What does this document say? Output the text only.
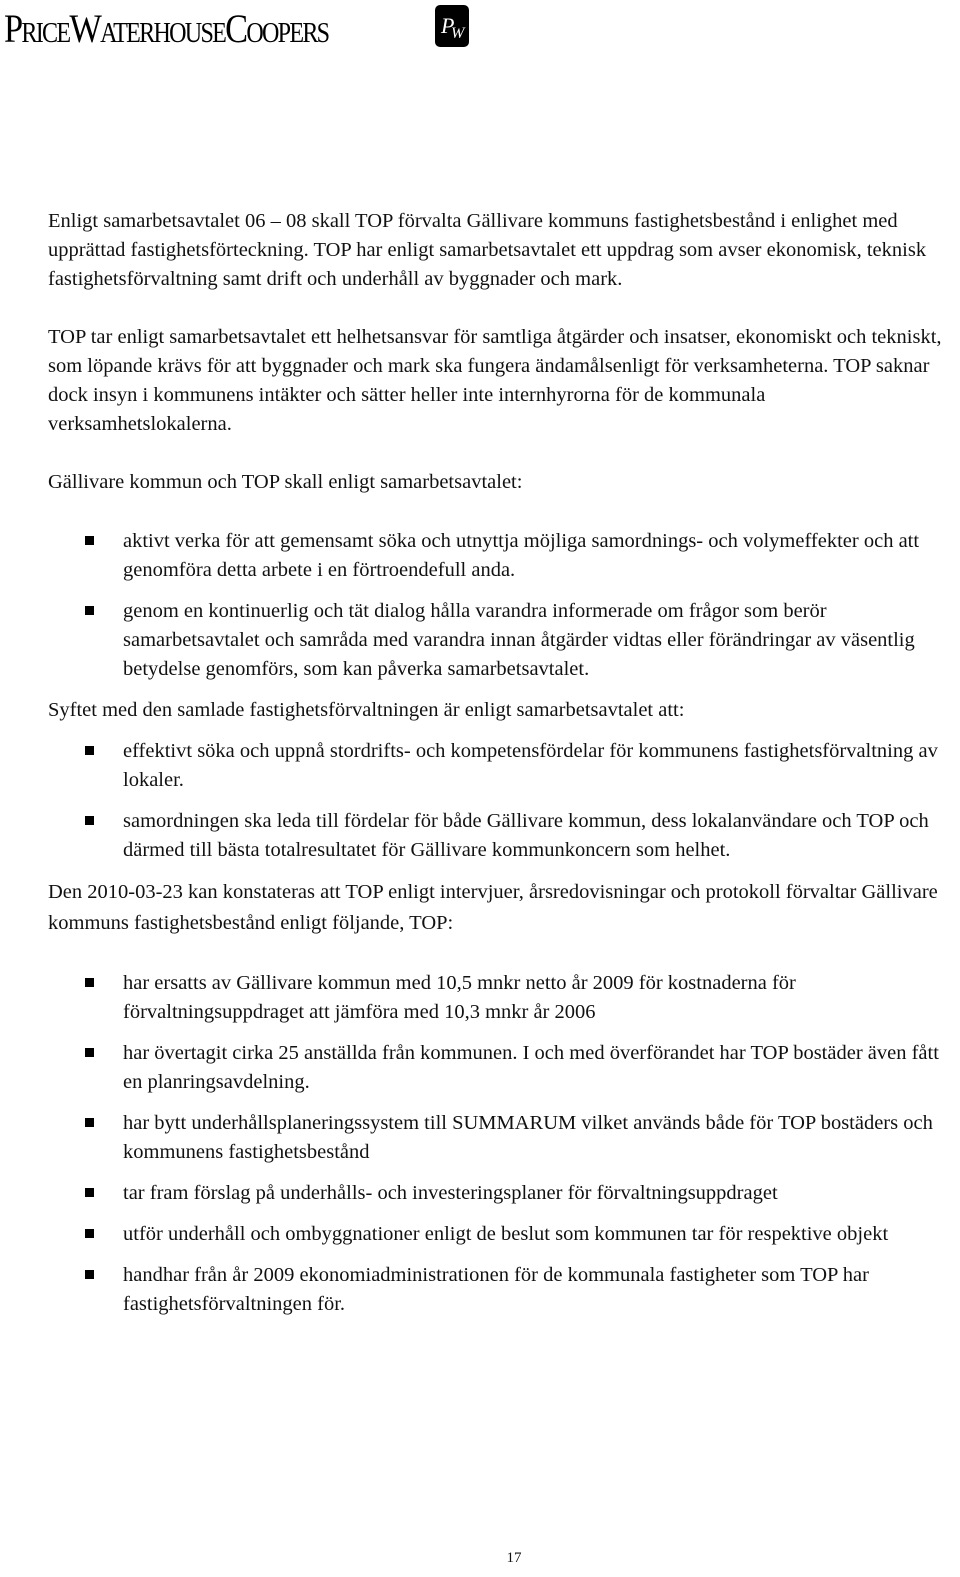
PriceWaterhouseCoopers	P
W

Enligt samarbetsavtalet 06 – 08 skall TOP förvalta Gällivare kommuns fastighetsbestånd i enlighet med upprättad fastighetsförteckning. TOP har enligt samarbetsavtalet ett uppdrag som avser ekonomisk, teknisk fastighetsförvaltning samt drift och underhåll av byggnader och mark.

TOP tar enligt samarbetsavtalet ett helhetsansvar för samtliga åtgärder och insatser, ekonomiskt och tekniskt, som löpande krävs för att byggnader och mark ska fungera ändamålsenligt för verksamheterna. TOP saknar dock insyn i kommunens intäkter och sätter heller inte internhyrorna för de kommunala verksamhetslokalerna.

Gällivare kommun och TOP skall enligt samarbetsavtalet:

aktivt verka för att gemensamt söka och utnyttja möjliga samordnings- och volymeffekter och att genomföra detta arbete i en förtroendefull anda.
genom en kontinuerlig och tät dialog hålla varandra informerade om frågor som berör samarbetsavtalet och samråda med varandra innan åtgärder vidtas eller förändringar av väsentlig betydelse genomförs, som kan påverka samarbetsavtalet.

Syftet med den samlade fastighetsförvaltningen är enligt samarbetsavtalet att:

effektivt söka och uppnå stordrifts- och kompetensfördelar för kommunens fastighetsförvaltning av lokaler.
samordningen ska leda till fördelar för både Gällivare kommun, dess lokalanvändare och TOP och därmed till bästa totalresultatet för Gällivare kommunkoncern som helhet.

Den 2010-03-23 kan konstateras att TOP enligt intervjuer, årsredovisningar och protokoll förvaltar Gällivare kommuns fastighetsbestånd enligt följande, TOP:

har ersatts av Gällivare kommun med 10,5 mnkr netto år 2009 för kostnaderna för förvaltningsuppdraget att jämföra med 10,3 mnkr år 2006
har övertagit cirka 25 anställda från kommunen. I och med överförandet har TOP bostäder även fått en planringsavdelning.
har bytt underhållsplaneringssystem till SUMMARUM vilket används både för TOP bostäders och kommunens fastighetsbestånd
tar fram förslag på underhålls- och investeringsplaner för förvaltningsuppdraget
utför underhåll och ombyggnationer enligt de beslut som kommunen tar för respektive objekt
handhar från år 2009 ekonomiadministrationen för de kommunala fastigheter som TOP har fastighetsförvaltningen för.
17
